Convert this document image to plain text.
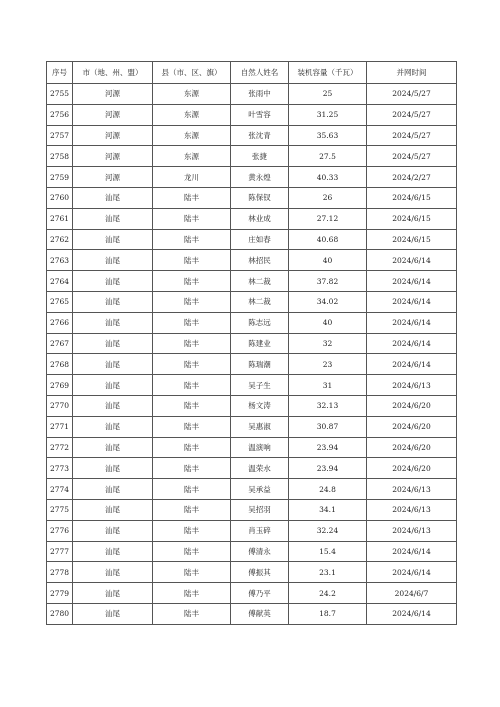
序号	市（地、州、盟）	县（市、区、旗）	自然人姓名	装机容量（千瓦）	并网时间
2755	河源	东源	张雨中	25	2024/5/27
2756	河源	东源	叶雪容	31.25	2024/5/27
2757	河源	东源	张沈青	35.63	2024/5/27
2758	河源	东源	张捷	27.5	2024/5/27
2759	河源	龙川	黄永煌	40.33	2024/2/27
2760	汕尾	陆丰	陈保钗	26	2024/6/15
2761	汕尾	陆丰	林业成	27.12	2024/6/15
2762	汕尾	陆丰	庄如春	40.68	2024/6/15
2763	汕尾	陆丰	林招民	40	2024/6/14
2764	汕尾	陆丰	林二裁	37.82	2024/6/14
2765	汕尾	陆丰	林二裁	34.02	2024/6/14
2766	汕尾	陆丰	陈志远	40	2024/6/14
2767	汕尾	陆丰	陈建业	32	2024/6/14
2768	汕尾	陆丰	陈瑞潮	23	2024/6/14
2769	汕尾	陆丰	吴子生	31	2024/6/13
2770	汕尾	陆丰	杨文涛	32.13	2024/6/20
2771	汕尾	陆丰	吴惠淑	30.87	2024/6/20
2772	汕尾	陆丰	温演响	23.94	2024/6/20
2773	汕尾	陆丰	温荣水	23.94	2024/6/20
2774	汕尾	陆丰	吴承益	24.8	2024/6/13
2775	汕尾	陆丰	吴招羽	34.1	2024/6/13
2776	汕尾	陆丰	肖玉碎	32.24	2024/6/13
2777	汕尾	陆丰	傅清永	15.4	2024/6/14
2778	汕尾	陆丰	傅振其	23.1	2024/6/14
2779	汕尾	陆丰	傅乃平	24.2	2024/6/7
2780	汕尾	陆丰	傅献英	18.7	2024/6/14
